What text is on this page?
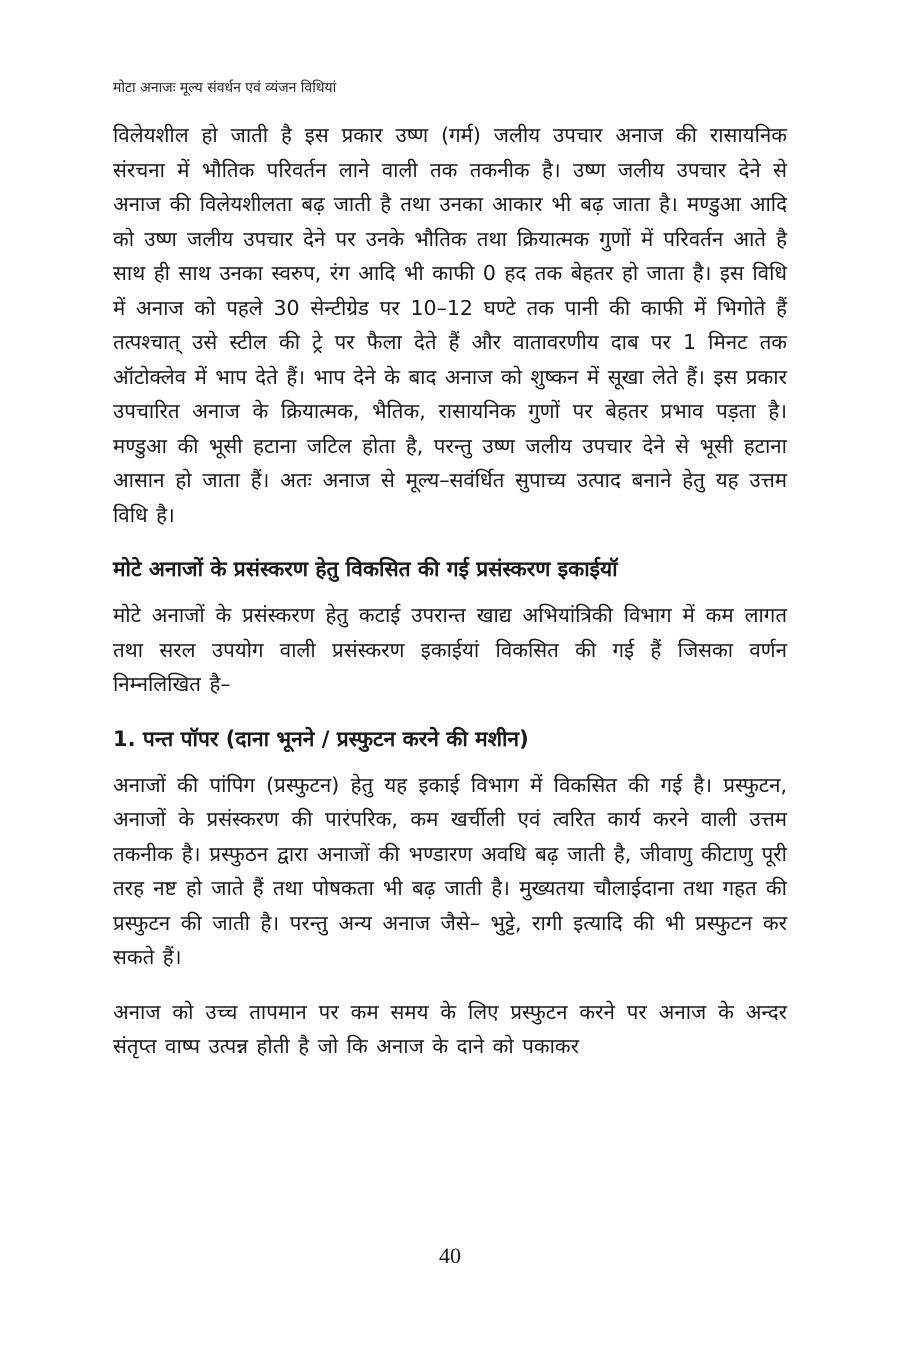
मोटा अनाजः मूल्य संवर्धन एवं व्यंजन विधियां

विलेयशील हो जाती है इस प्रकार उष्ण (गर्म) जलीय उपचार अनाज की रासायनिक संरचना में भौतिक परिवर्तन लाने वाली तक तकनीक है। उष्ण जलीय उपचार देने से अनाज की विलेयशीलता बढ़ जाती है तथा उनका आकार भी बढ़ जाता है। मण्डुआ आदि को उष्ण जलीय उपचार देने पर उनके भौतिक तथा क्रियात्मक गुणों में परिवर्तन आते है साथ ही साथ उनका स्वरुप, रंग आदि भी काफी 0 हद तक बेहतर हो जाता है। इस विधि में अनाज को पहले 30 सेन्टीग्रेड पर 10–12 घण्टे तक पानी की काफी में भिगोते हैं तत्पश्चात् उसे स्टील की ट्रे पर फैला देते हैं और वातावरणीय दाब पर 1 मिनट तक ऑटोक्लेव में भाप देते हैं। भाप देने के बाद अनाज को शुष्कन में सूखा लेते हैं। इस प्रकार उपचारित अनाज के क्रियात्मक, भैतिक, रासायनिक गुणों पर बेहतर प्रभाव पड़ता है। मण्डुआ की भूसी हटाना जटिल होता है, परन्तु उष्ण जलीय उपचार देने से भूसी हटाना आसान हो जाता हैं। अतः अनाज से मूल्य–सवंर्धित सुपाच्य उत्पाद बनाने हेतु यह उत्तम विधि है।

मोटे अनाजों के प्रसंस्करण हेतु विकसित की गई प्रसंस्करण इकाईयॉ

मोटे अनाजों के प्रसंस्करण हेतु कटाई उपरान्त खाद्य अभियांत्रिकी विभाग में कम लागत तथा सरल उपयोग वाली प्रसंस्करण इकाईयां विकसित की गई हैं जिसका वर्णन निम्नलिखित है–

1. पन्त पॉपर (दाना भूनने / प्रस्फुटन करने की मशीन)

अनाजों की पांपिग (प्रस्फुटन) हेतु यह इकाई विभाग में विकसित की गई है। प्रस्फुटन, अनाजों के प्रसंस्करण की पारंपरिक, कम खर्चीली एवं त्वरित कार्य करने वाली उत्तम तकनीक है। प्रस्फुठन द्वारा अनाजों की भण्डारण अवधि बढ़ जाती है, जीवाणु कीटाणु पूरी तरह नष्ट हो जाते हैं तथा पोषकता भी बढ़ जाती है। मुख्यतया चौलाईदाना तथा गहत की प्रस्फुटन की जाती है। परन्तु अन्य अनाज जैसे– भुट्टे, रागी इत्यादि की भी प्रस्फुटन कर सकते हैं।

अनाज को उच्च तापमान पर कम समय के लिए प्रस्फुटन करने पर अनाज के अन्दर संतृप्त वाष्प उत्पन्न होती है जो कि अनाज के दाने को पकाकर

40
